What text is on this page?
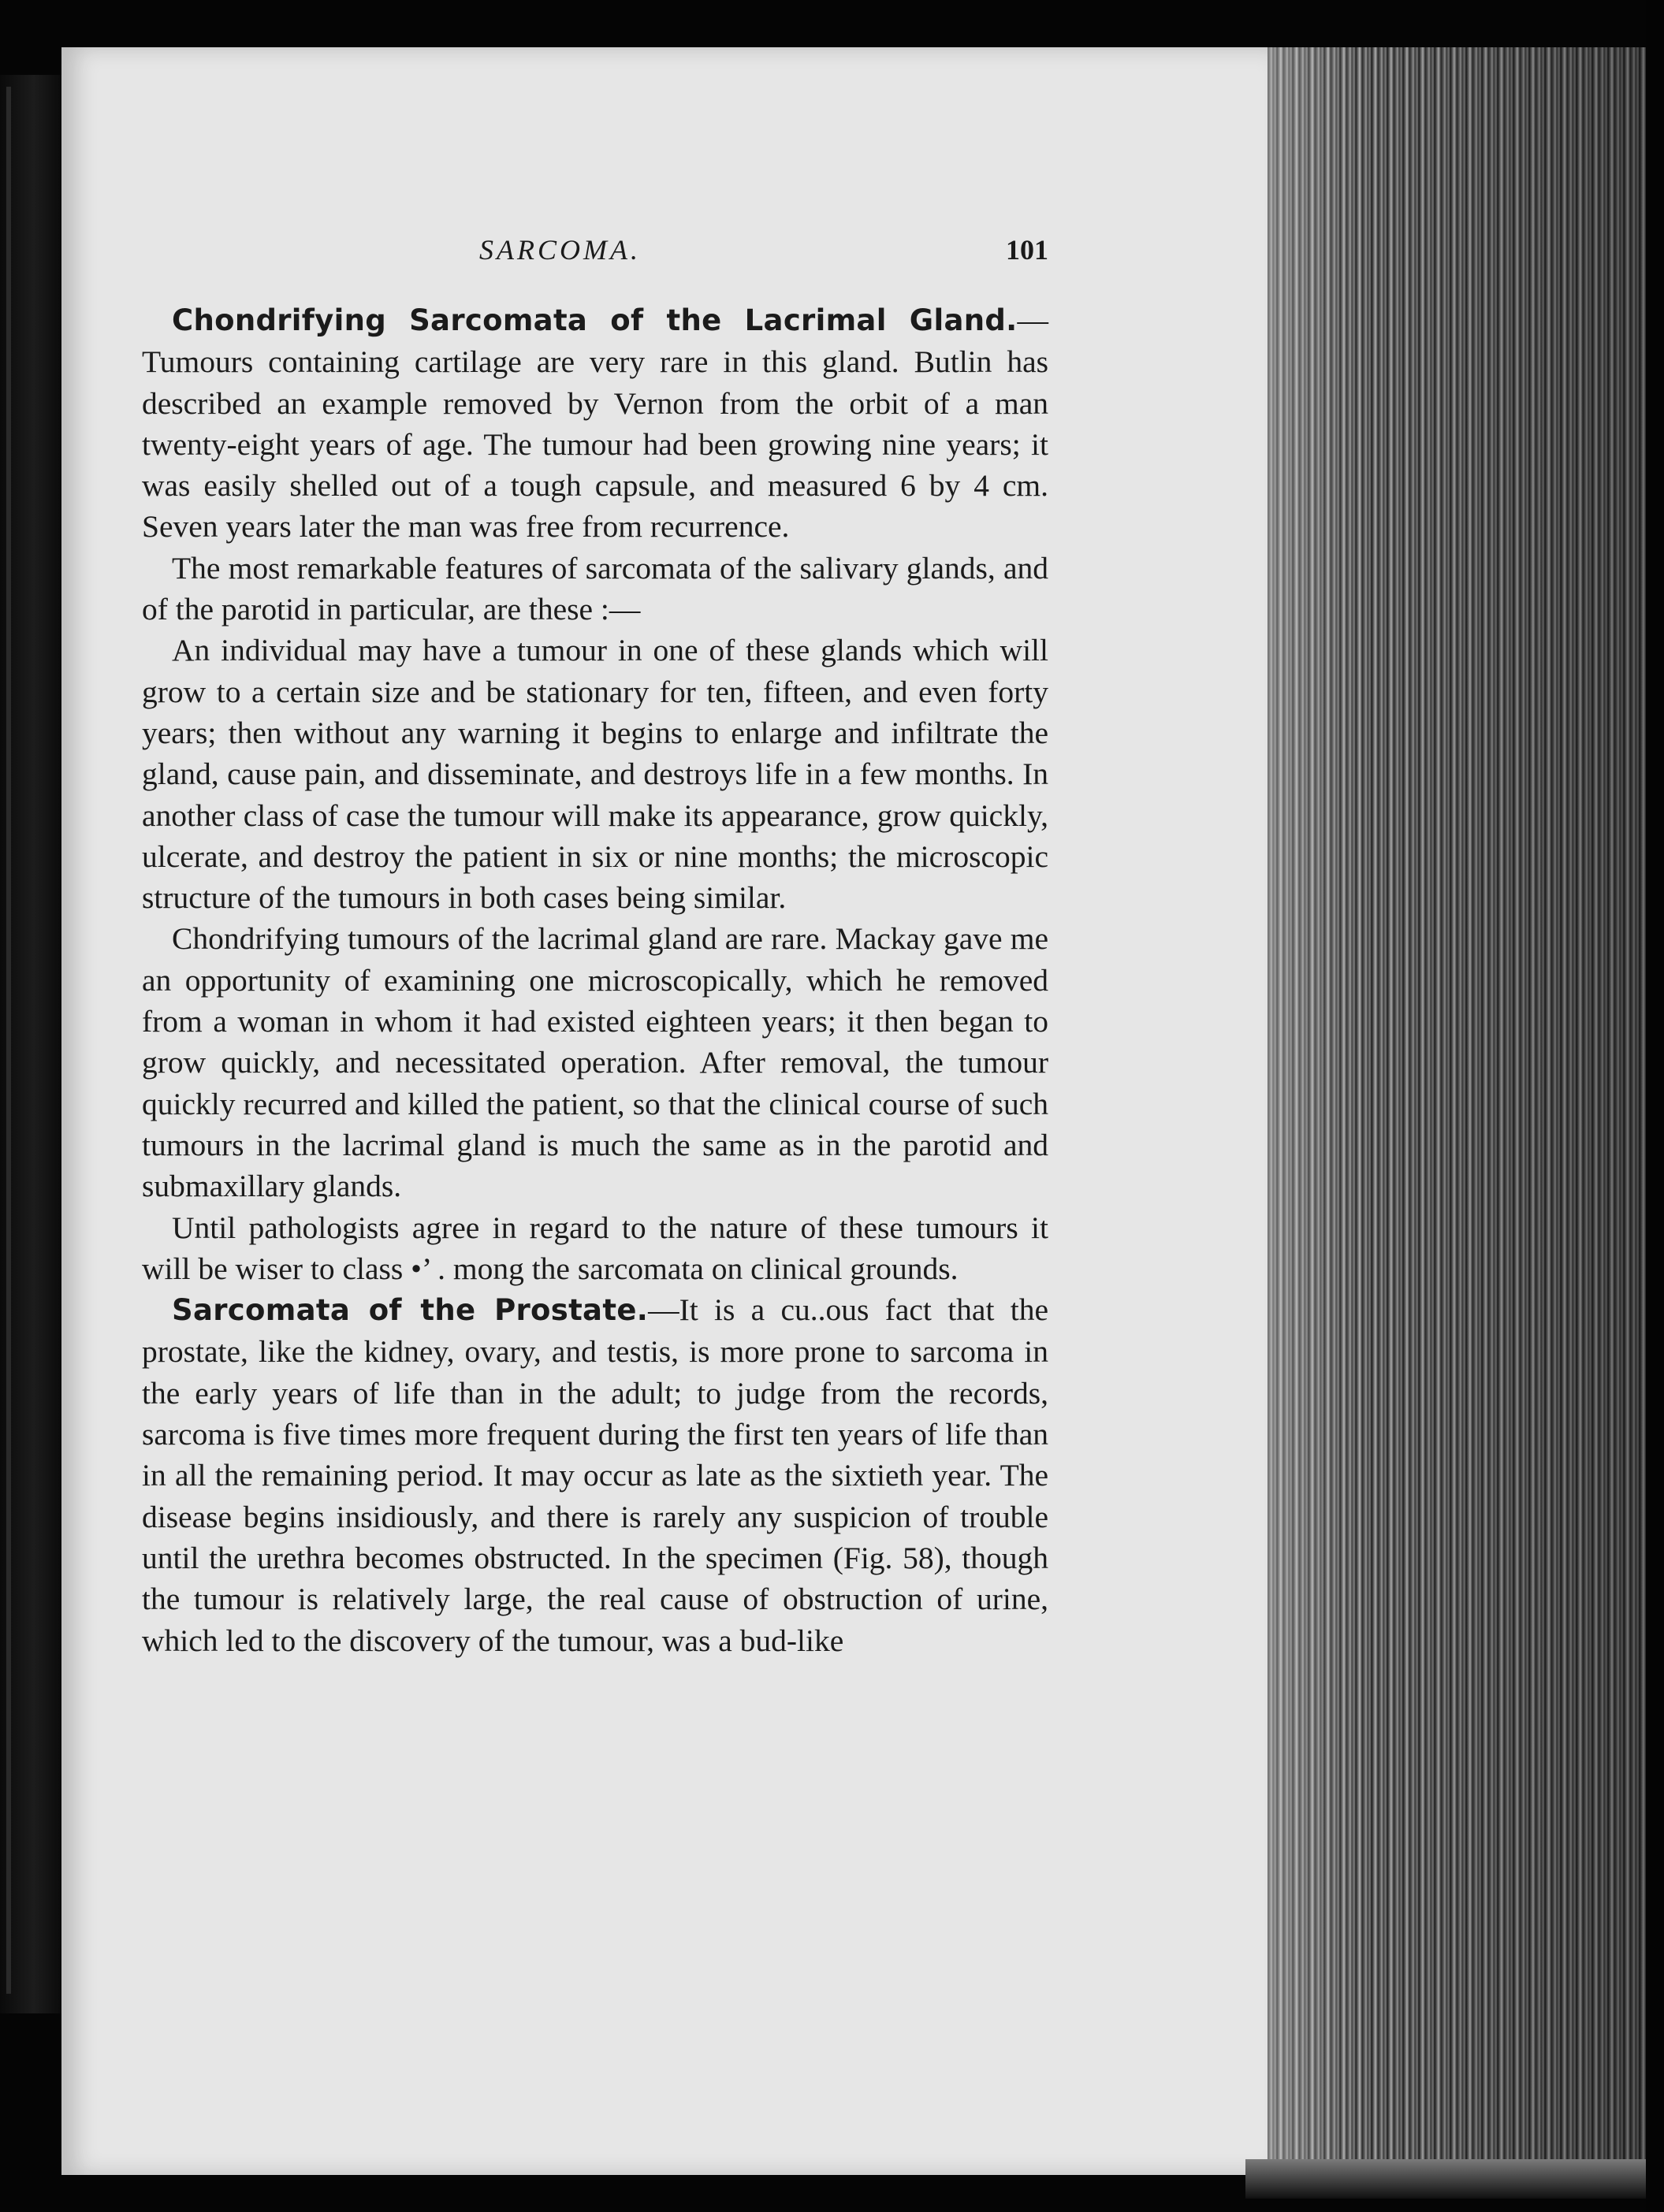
SARCOMA.	101

Chondrifying Sarcomata of the Lacrimal Gland.—Tumours containing cartilage are very rare in this gland. Butlin has described an example removed by Vernon from the orbit of a man twenty-eight years of age. The tumour had been growing nine years; it was easily shelled out of a tough capsule, and measured 6 by 4 cm. Seven years later the man was free from recurrence.

The most remarkable features of sarcomata of the salivary glands, and of the parotid in particular, are these :—

An individual may have a tumour in one of these glands which will grow to a certain size and be stationary for ten, fifteen, and even forty years; then without any warning it begins to enlarge and infiltrate the gland, cause pain, and disseminate, and destroys life in a few months. In another class of case the tumour will make its appearance, grow quickly, ulcerate, and destroy the patient in six or nine months; the microscopic structure of the tumours in both cases being similar.

Chondrifying tumours of the lacrimal gland are rare. Mackay gave me an opportunity of examining one microscopically, which he removed from a woman in whom it had existed eighteen years; it then began to grow quickly, and necessitated operation. After removal, the tumour quickly recurred and killed the patient, so that the clinical course of such tumours in the lacrimal gland is much the same as in the parotid and submaxillary glands.

Until pathologists agree in regard to the nature of these tumours it will be wiser to class •’ . mong the sarcomata on clinical grounds.

Sarcomata of the Prostate.—It is a cu..ous fact that the prostate, like the kidney, ovary, and testis, is more prone to sarcoma in the early years of life than in the adult; to judge from the records, sarcoma is five times more frequent during the first ten years of life than in all the remaining period. It may occur as late as the sixtieth year. The disease begins insidiously, and there is rarely any suspicion of trouble until the urethra becomes obstructed. In the specimen (Fig. 58), though the tumour is relatively large, the real cause of obstruction of urine, which led to the discovery of the tumour, was a bud-like
